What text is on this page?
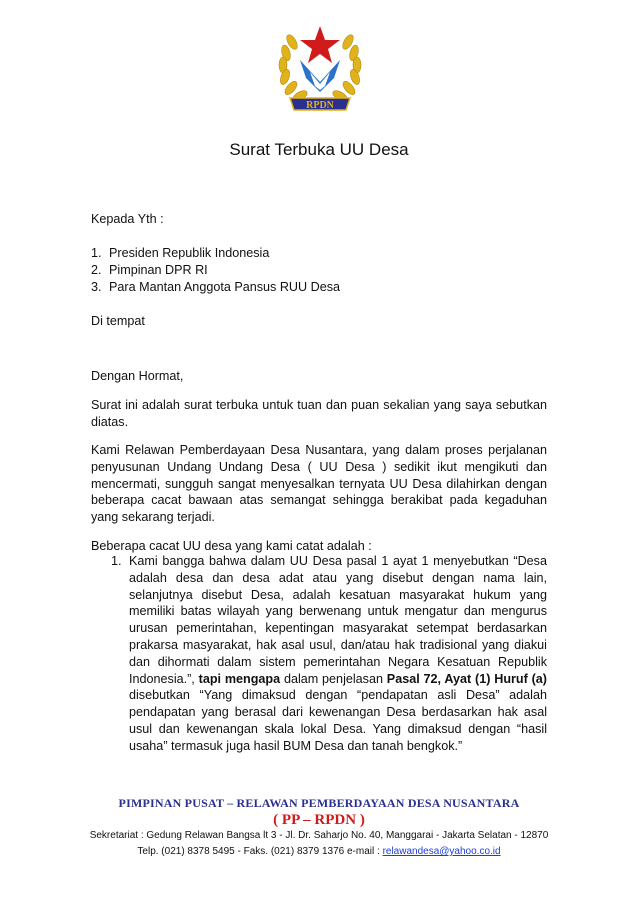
RPDN
Surat Terbuka UU Desa

Kepada Yth :

1. Presiden Republik Indonesia
2. Pimpinan DPR RI
3. Para Mantan Anggota Pansus RUU Desa

Di tempat

Dengan Hormat,

Surat ini adalah surat terbuka untuk tuan dan puan sekalian yang saya sebutkan diatas.

Kami Relawan Pemberdayaan Desa Nusantara, yang dalam proses perjalanan penyusunan Undang Undang Desa ( UU Desa ) sedikit ikut mengikuti dan mencermati, sungguh sangat menyesalkan ternyata UU Desa dilahirkan dengan beberapa cacat bawaan atas semangat sehingga berakibat pada kegaduhan yang sekarang terjadi.

Beberapa cacat UU desa yang kami catat adalah :

1. Kami bangga bahwa dalam UU Desa pasal 1 ayat 1 menyebutkan “Desa adalah desa dan desa adat atau yang disebut dengan nama lain, selanjutnya disebut Desa, adalah kesatuan masyarakat hukum yang memiliki batas wilayah yang berwenang untuk mengatur dan mengurus urusan pemerintahan, kepentingan masyarakat setempat berdasarkan prakarsa masyarakat, hak asal usul, dan/atau hak tradisional yang diakui dan dihormati dalam sistem pemerintahan Negara Kesatuan Republik Indonesia.”, tapi mengapa dalam penjelasan Pasal 72, Ayat (1) Huruf (a) disebutkan “Yang dimaksud dengan “pendapatan asli Desa” adalah pendapatan yang berasal dari kewenangan Desa berdasarkan hak asal usul dan kewenangan skala lokal Desa. Yang dimaksud dengan “hasil usaha” termasuk juga hasil BUM Desa dan tanah bengkok.”
PIMPINAN PUSAT – RELAWAN PEMBERDAYAAN DESA NUSANTARA
( PP – RPDN )
Sekretariat : Gedung Relawan Bangsa lt 3 - Jl. Dr. Saharjo No. 40, Manggarai - Jakarta Selatan - 12870
Telp. (021) 8378 5495 - Faks. (021) 8379 1376 e-mail : relawandesa@yahoo.co.id
